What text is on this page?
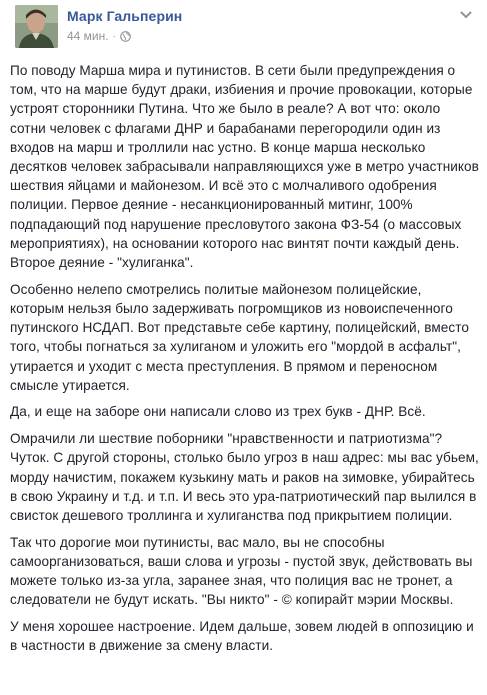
Марк Гальперин
44 мин. ·

По поводу Марша мира и путинистов. В сети были предупреждения о том, что на марше будут драки, избиения и прочие провокации, которые устроят сторонники Путина. Что же было в реале? А вот что: около сотни человек с флагами ДНР и барабанами перегородили один из входов на марш и троллили нас устно. В конце марша несколько десятков человек забрасывали направляющихся уже в метро участников шествия яйцами и майонезом. И всё это с молчаливого одобрения полиции. Первое деяние - несанкционированный митинг, 100% подпадающий под нарушение пресловутого закона ФЗ-54 (о массовых мероприятиях), на основании которого нас винтят почти каждый день. Второе деяние - "хулиганка".

Особенно нелепо смотрелись политые майонезом полицейские, которым нельзя было задерживать погромщиков из новоиспеченного путинского НСДАП. Вот представьте себе картину, полицейский, вместо того, чтобы погнаться за хулиганом и уложить его "мордой в асфальт", утирается и уходит с места преступления. В прямом и переносном смысле утирается.

Да, и еще на заборе они написали слово из трех букв - ДНР. Всё.

Омрачили ли шествие поборники "нравственности и патриотизма"? Чуток. С другой стороны, столько было угроз в наш адрес: мы вас убьем, морду начистим, покажем кузькину мать и раков на зимовке, убирайтесь в свою Украину и т.д. и т.п. И весь это ура-патриотический пар вылился в свисток дешевого троллинга и хулиганства под прикрытием полиции.

Так что дорогие мои путинисты, вас мало, вы не способны самоорганизоваться, ваши слова и угрозы - пустой звук, действовать вы можете только из-за угла, заранее зная, что полиция вас не тронет, а следователи не будут искать. "Вы никто" - © копирайт мэрии Москвы.

У меня хорошее настроение. Идем дальше, зовем людей в оппозицию и в частности в движение за смену власти.
